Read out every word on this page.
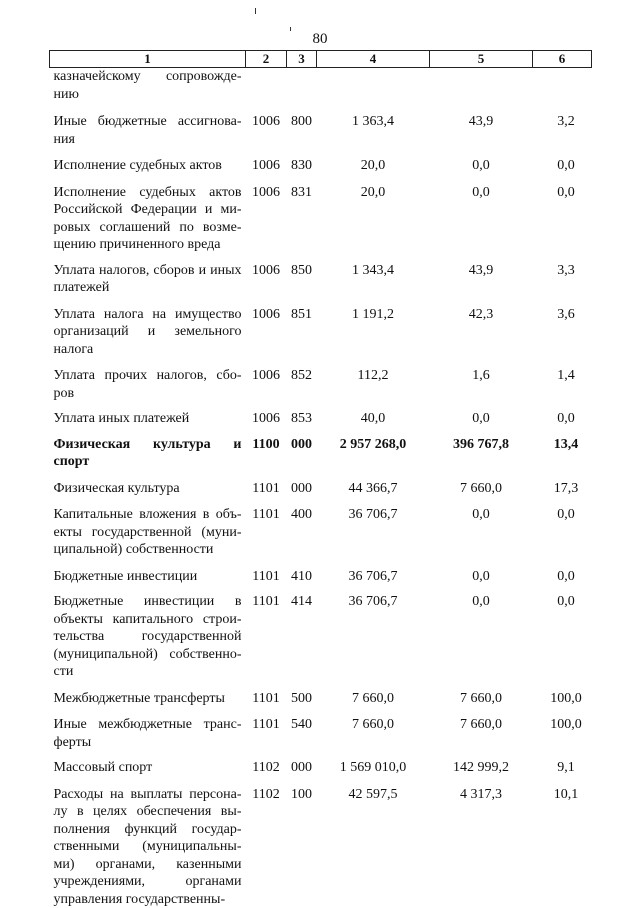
80
1	2	3	4	5	6
казначейскому сопровожде-нию					
Иные бюджетные ассигнова-ния	1006	800	1 363,4	43,9	3,2
Исполнение судебных актов	1006	830	20,0	0,0	0,0
Исполнение судебных актов Российской Федерации и ми-ровых соглашений по возме-щению причиненного вреда	1006	831	20,0	0,0	0,0
Уплата налогов, сборов и иных платежей	1006	850	1 343,4	43,9	3,3
Уплата налога на имущество организаций и земельного налога	1006	851	1 191,2	42,3	3,6
Уплата прочих налогов, сбо-ров	1006	852	112,2	1,6	1,4
Уплата иных платежей	1006	853	40,0	0,0	0,0
Физическая культура и спорт	1100	000	2 957 268,0	396 767,8	13,4
Физическая культура	1101	000	44 366,7	7 660,0	17,3
Капитальные вложения в объ-екты государственной (муни-ципальной) собственности	1101	400	36 706,7	0,0	0,0
Бюджетные инвестиции	1101	410	36 706,7	0,0	0,0
Бюджетные инвестиции в объекты капитального строи-тельства государственной (муниципальной) собственно-сти	1101	414	36 706,7	0,0	0,0
Межбюджетные трансферты	1101	500	7 660,0	7 660,0	100,0
Иные межбюджетные транс-ферты	1101	540	7 660,0	7 660,0	100,0
Массовый спорт	1102	000	1 569 010,0	142 999,2	9,1
Расходы на выплаты персона-лу в целях обеспечения вы-полнения функций государ-ственными (муниципальны-ми) органами, казенными учреждениями, органами управления государственны-	1102	100	42 597,5	4 317,3	10,1
